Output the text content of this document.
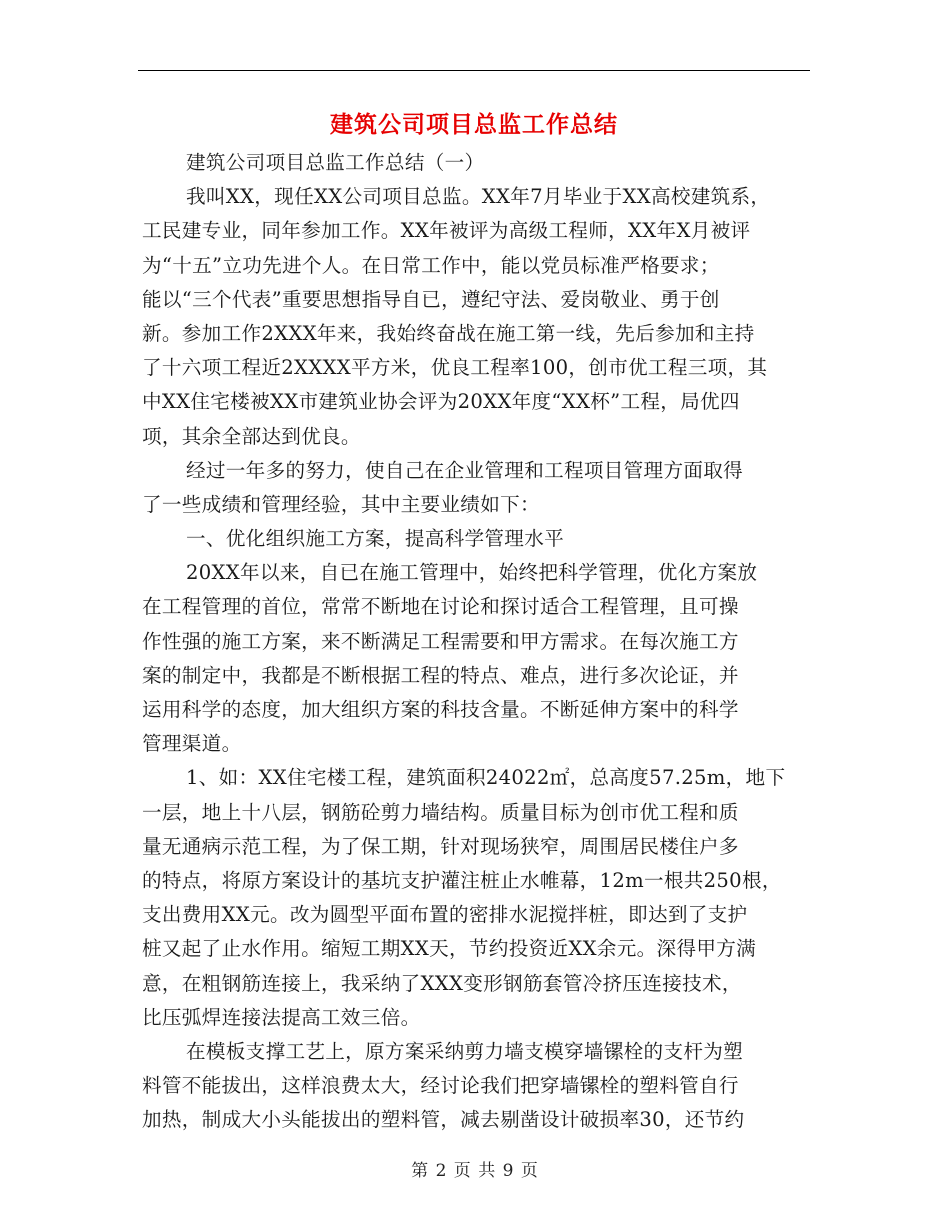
建筑公司项目总监工作总结
建筑公司项目总监工作总结（一）
我叫XX，现任XX公司项目总监。XX年7月毕业于XX高校建筑系，
工民建专业，同年参加工作。XX年被评为高级工程师，XX年X月被评
为“十五”立功先进个人。在日常工作中，能以党员标准严格要求；
能以“三个代表”重要思想指导自已，遵纪守法、爱岗敬业、勇于创
新。参加工作2XXX年来，我始终奋战在施工第一线，先后参加和主持
了十六项工程近2XXXX平方米，优良工程率100，创市优工程三项，其
中XX住宅楼被XX市建筑业协会评为20XX年度“XX杯”工程，局优四
项，其余全部达到优良。
经过一年多的努力，使自己在企业管理和工程项目管理方面取得
了一些成绩和管理经验，其中主要业绩如下：
一、优化组织施工方案，提高科学管理水平
20XX年以来，自已在施工管理中，始终把科学管理，优化方案放
在工程管理的首位，常常不断地在讨论和探讨适合工程管理，且可操
作性强的施工方案，来不断满足工程需要和甲方需求。在每次施工方
案的制定中，我都是不断根据工程的特点、难点，进行多次论证，并
运用科学的态度，加大组织方案的科技含量。不断延伸方案中的科学
管理渠道。
1、如：XX住宅楼工程，建筑面积24022㎡，总高度57.25m，地下
一层，地上十八层，钢筋砼剪力墙结构。质量目标为创市优工程和质
量无通病示范工程，为了保工期，针对现场狭窄，周围居民楼住户多
的特点，将原方案设计的基坑支护灌注桩止水帷幕，12m一根共250根，
支出费用XX元。改为圆型平面布置的密排水泥搅拌桩，即达到了支护
桩又起了止水作用。缩短工期XX天，节约投资近XX余元。深得甲方满
意，在粗钢筋连接上，我采纳了XXX变形钢筋套管冷挤压连接技术，
比压弧焊连接法提高工效三倍。
在模板支撑工艺上，原方案采纳剪力墙支模穿墙镙栓的支杆为塑
料管不能拔出，这样浪费太大，经讨论我们把穿墙镙栓的塑料管自行
加热，制成大小头能拔出的塑料管，减去剔凿设计破损率30，还节约
第 2 页 共 9 页
